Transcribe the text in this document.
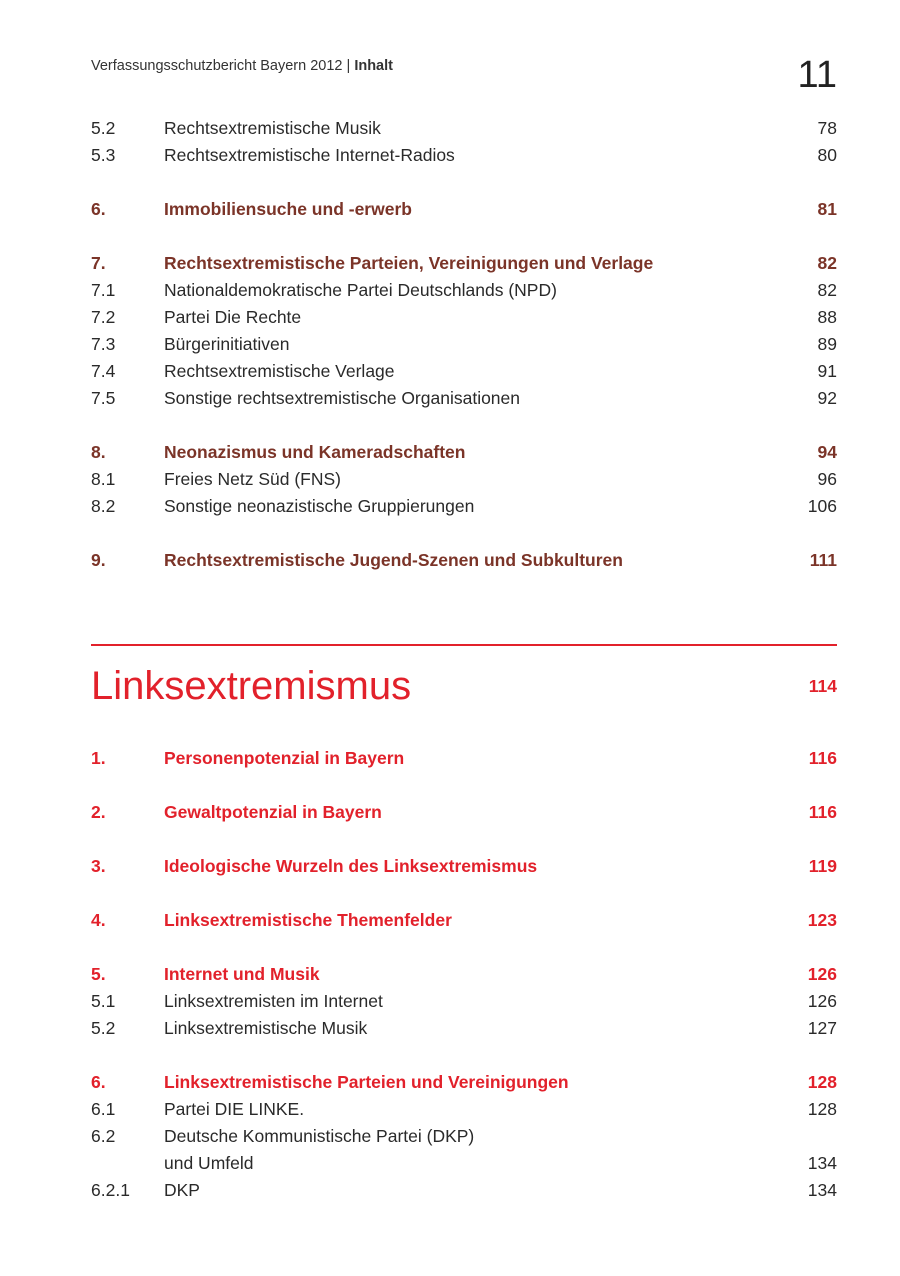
Verfassungsschutzbericht Bayern 2012 | Inhalt	11
5.2	Rechtsextremistische Musik	78
5.3	Rechtsextremistische Internet-Radios	80
6.	Immobiliensuche und -erwerb	81
7.	Rechtsextremistische Parteien, Vereinigungen und Verlage	82
7.1	Nationaldemokratische Partei Deutschlands (NPD)	82
7.2	Partei Die Rechte	88
7.3	Bürgerinitiativen	89
7.4	Rechtsextremistische Verlage	91
7.5	Sonstige rechtsextremistische Organisationen	92
8.	Neonazismus und Kameradschaften	94
8.1	Freies Netz Süd (FNS)	96
8.2	Sonstige neonazistische Gruppierungen	106
9.	Rechtsextremistische Jugend-Szenen und Subkulturen	111
Linksextremismus	114
1.	Personenpotenzial in Bayern	116
2.	Gewaltpotenzial in Bayern	116
3.	Ideologische Wurzeln des Linksextremismus	119
4.	Linksextremistische Themenfelder	123
5.	Internet und Musik	126
5.1	Linksextremisten im Internet	126
5.2	Linksextremistische Musik	127
6.	Linksextremistische Parteien und Vereinigungen	128
6.1	Partei DIE LINKE.	128
6.2	Deutsche Kommunistische Partei (DKP)
und Umfeld	134
6.2.1	DKP	134
